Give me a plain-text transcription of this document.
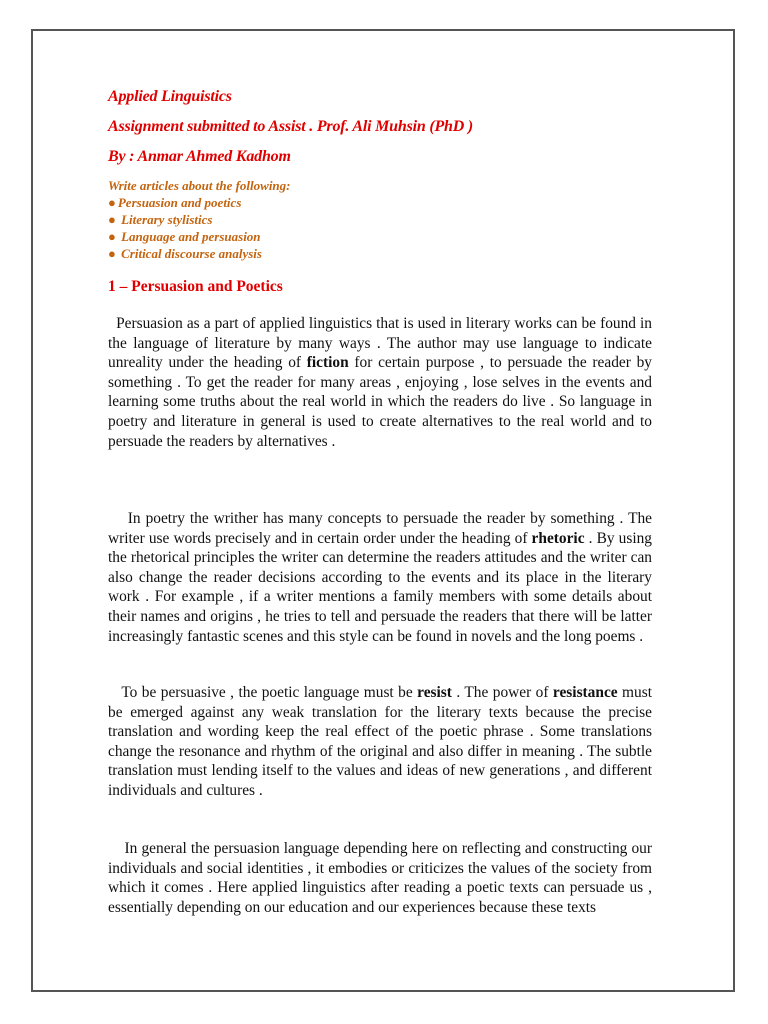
Applied Linguistics
Assignment submitted to Assist . Prof. Ali Muhsin (PhD )
By : Anmar Ahmed Kadhom
Write articles about the following:
● Persuasion and poetics
● Literary stylistics
● Language and persuasion
● Critical discourse analysis
1 – Persuasion and Poetics

Persuasion as a part of applied linguistics that is used in literary works can be found in the language of literature by many ways . The author may use language to indicate unreality under the heading of fiction for certain purpose , to persuade the reader by something . To get the reader for many areas , enjoying , lose selves in the events and learning some truths about the real world in which the readers do live . So language in poetry and literature in general is used to create alternatives to the real world and to persuade the readers by alternatives .

In poetry the writher has many concepts to persuade the reader by something . The writer use words precisely and in certain order under the heading of rhetoric . By using the rhetorical principles the writer can determine the readers attitudes and the writer can also change the reader decisions according to the events and its place in the literary work . For example , if a writer mentions a family members with some details about their names and origins , he tries to tell and persuade the readers that there will be latter increasingly fantastic scenes and this style can be found in novels and the long poems .

To be persuasive , the poetic language must be resist . The power of resistance must be emerged against any weak translation for the literary texts because the precise translation and wording keep the real effect of the poetic phrase . Some translations change the resonance and rhythm of the original and also differ in meaning . The subtle translation must lending itself to the values and ideas of new generations , and different individuals and cultures .

In general the persuasion language depending here on reflecting and constructing our individuals and social identities , it embodies or criticizes the values of the society from which it comes . Here applied linguistics after reading a poetic texts can persuade us , essentially depending on our education and our experiences because these texts
